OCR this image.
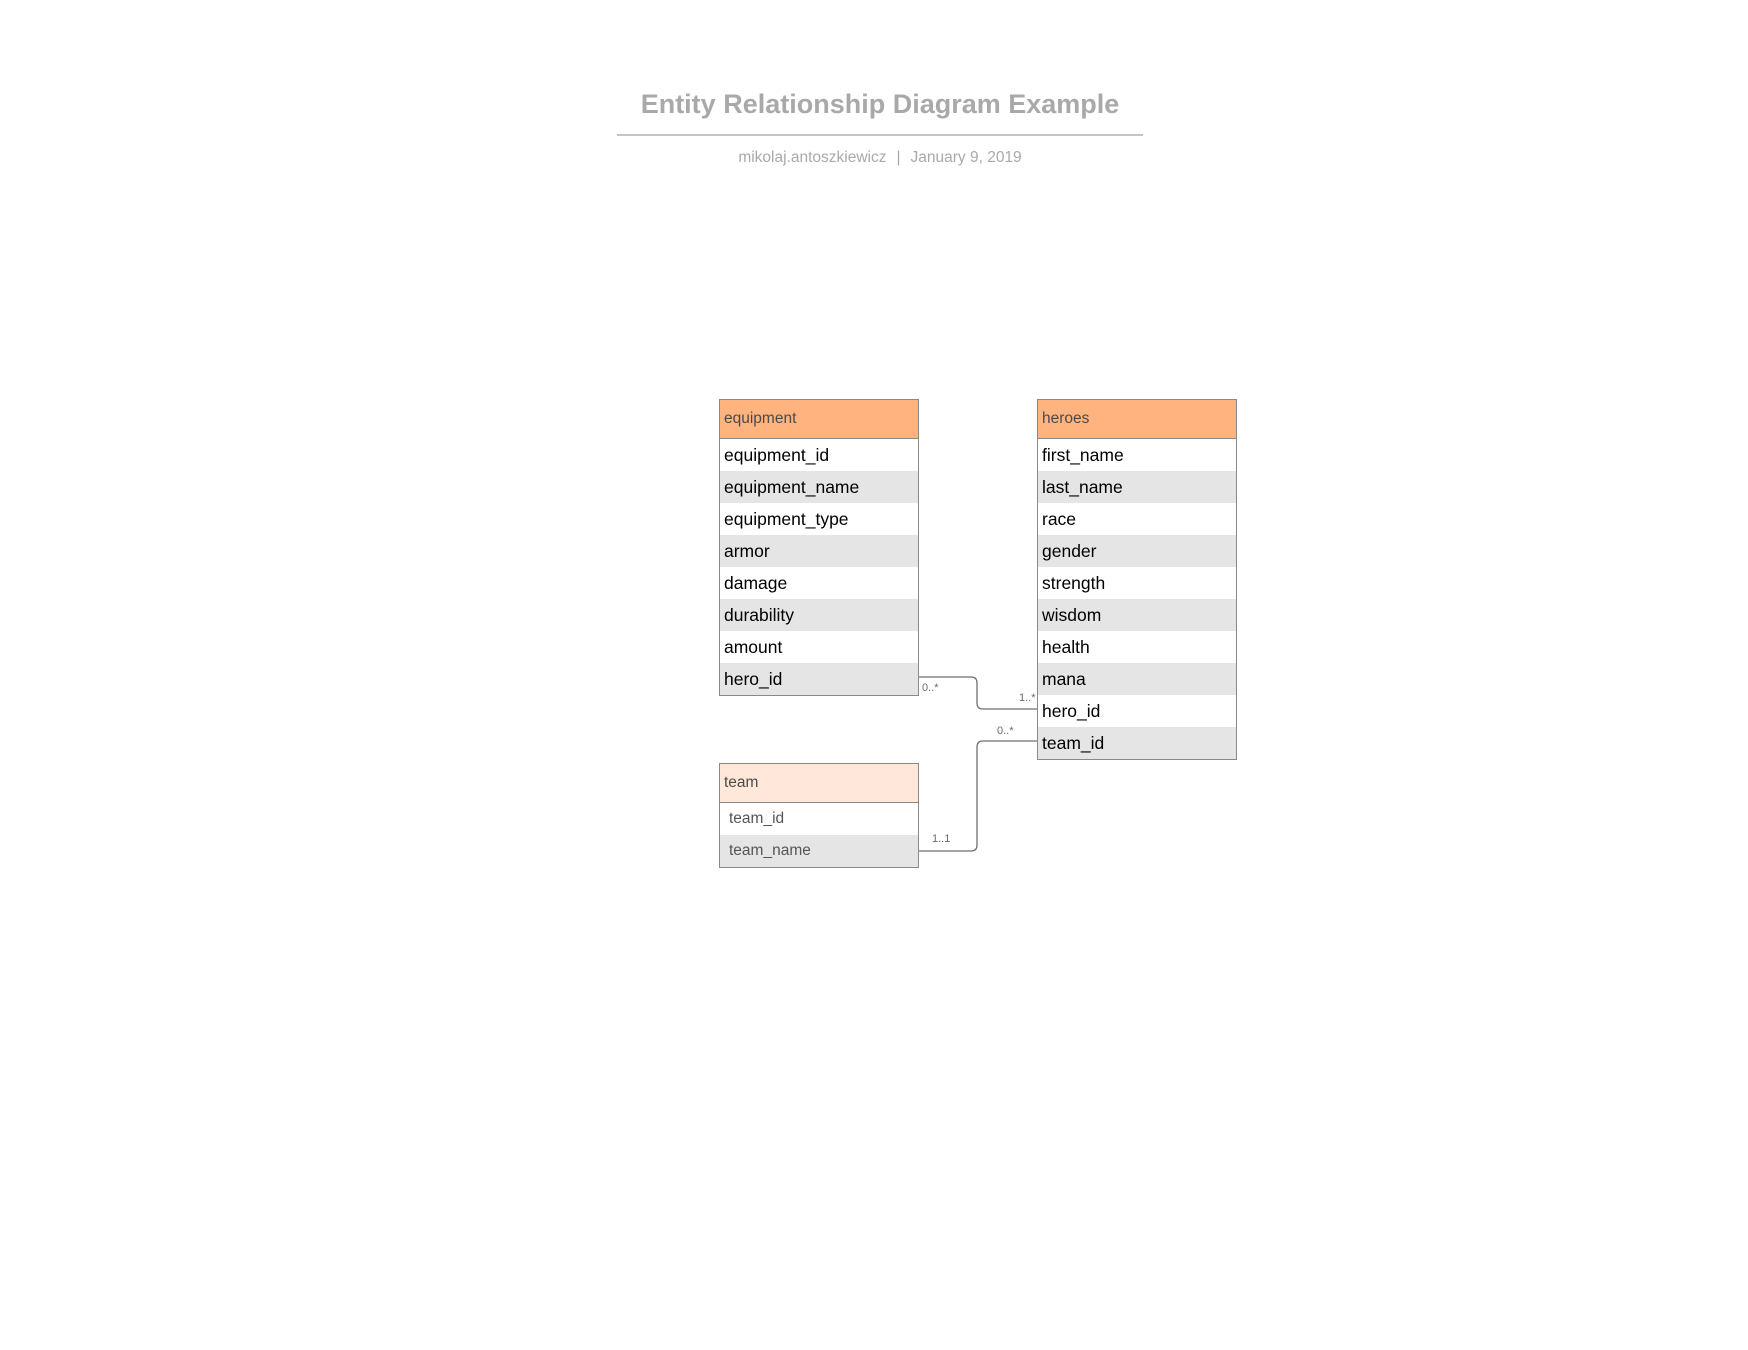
Entity Relationship Diagram Example
mikolaj.antoszkiewicz | January 9, 2019
equipment
equipment_id
equipment_name
equipment_type
armor
damage
durability
amount
hero_id
heroes
first_name
last_name
race
gender
strength
wisdom
health
mana
hero_id
team_id
team
team_id
team_name
0..*
1..*
1..1
0..*
